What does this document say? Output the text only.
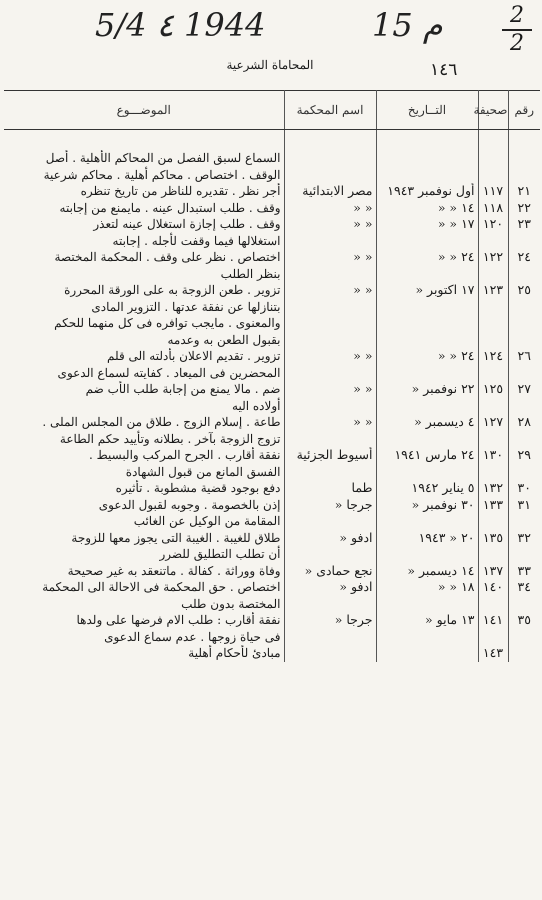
5/4 ٤ 1944	15 م	2
2
المحاماة الشرعية	١٤٦
رقم	صحيفة	التــاريخ	اسم المحكمة	الموضـــوع

				السماع لسبق الفصل من المحاكم الأهلية . أصل
الوقف . اختصاص . محاكم أهلية . محاكم شرعية

٢١	١١٧	أول نوفمبر ١٩٤٣	مصر الابتدائية	أجر نظر . تقديره للناظر من تاريخ تنظره

٢٢	١١٨	١٤ « «	« «	وقف . طلب استبدال عينه . مايمنع من إجابته

٢٣	١٢٠	١٧ « «	« «	وقف . طلب إجازة استغلال عينه لتعذر
استغلالها فيما وقفت لأجله . إجابته

٢٤	١٢٢	٢٤ « «	« «	اختصاص . نظر على وقف . المحكمة المختصة
بنظر الطلب

٢٥	١٢٣	١٧ اكتوبر «	« «	تزوير . طعن الزوجة به على الورقة المحررة
بتنازلها عن نفقة عدتها . التزوير المادى
والمعنوى . مايجب توافره فى كل منهما للحكم
بقبول الطعن به وعدمه

٢٦	١٢٤	٢٤ « «	« «	تزوير . تقديم الاعلان بأدلته الى قلم
المحضرين فى الميعاد . كفايته لسماع الدعوى

٢٧	١٢٥	٢٢ نوفمبر «	« «	ضم . مالا يمنع من إجابة طلب الأب ضم
أولاده اليه

٢٨	١٢٧	٤ ديسمبر «	« «	طاعة . إسلام الزوج . طلاق من المجلس الملى .
تزوج الزوجة بآخر . بطلانه وتأييد حكم الطاعة

٢٩	١٣٠	٢٤ مارس ١٩٤١	أسيوط الجزئية	نفقة أقارب . الجرح المركب والبسيط .
الفسق المانع من قبول الشهادة

٣٠	١٣٢	٥ يناير ١٩٤٢	طما	دفع بوجود قضية مشطوبة . تأثيره

٣١	١٣٣	٣٠ نوفمبر «	جرجا «	إذن بالخصومة . وجوبه لقبول الدعوى
المقامة من الوكيل عن الغائب

٣٢	١٣٥	٢٠ « ١٩٤٣	ادفو «	طلاق للغيبة . الغيبة التى يجوز معها للزوجة
أن تطلب التطليق للضرر

٣٣	١٣٧	١٤ ديسمبر «	نجع حمادى «	وفاة ووراثة . كفالة . ماتنعقد به غير صحيحة

٣٤	١٤٠	١٨ « «	ادفو «	اختصاص . حق المحكمة فى الاحالة الى المحكمة
المختصة بدون طلب

٣٥	١٤١	١٣ مايو «	جرجا «	نفقة أقارب : طلب الام فرضها على ولدها
فى حياة زوجها . عدم سماع الدعوى

	١٤٣			مبادئ لأحكام أهلية
